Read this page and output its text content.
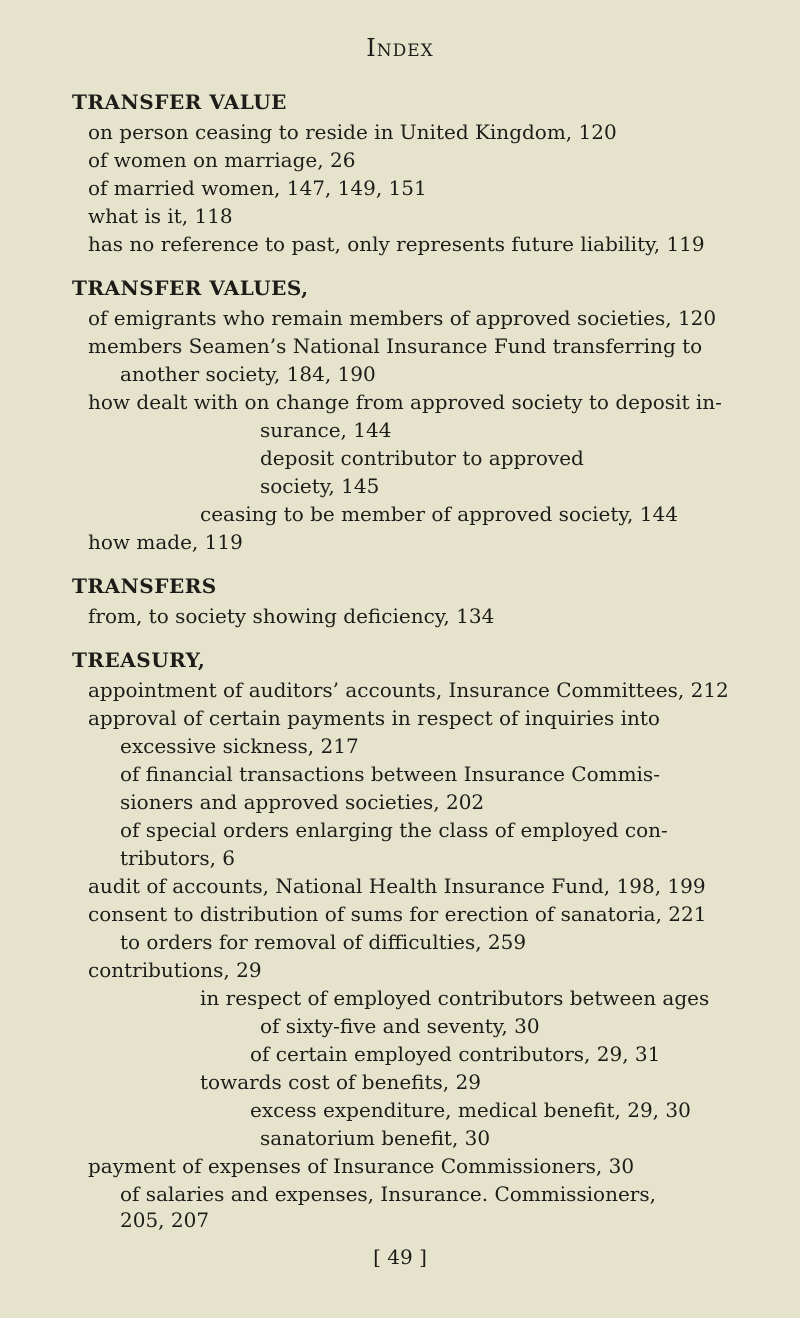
Index
TRANSFER VALUE
on person ceasing to reside in United Kingdom, 120
of women on marriage, 26
of married women, 147, 149, 151
what is it, 118
has no reference to past, only represents future liability, 119
TRANSFER VALUES,
of emigrants who remain members of approved societies, 120
members Seamen’s National Insurance Fund transferring to
another society, 184, 190
how dealt with on change from approved society to deposit in-
surance, 144
deposit contributor to approved
society, 145
ceasing to be member of approved society, 144
how made, 119
TRANSFERS
from, to society showing deficiency, 134
TREASURY,
appointment of auditors’ accounts, Insurance Committees, 212
approval of certain payments in respect of inquiries into
excessive sickness, 217
of financial transactions between Insurance Commis-
sioners and approved societies, 202
of special orders enlarging the class of employed con-
tributors, 6
audit of accounts, National Health Insurance Fund, 198, 199
consent to distribution of sums for erection of sanatoria, 221
to orders for removal of difficulties, 259
contributions, 29
in respect of employed contributors between ages
of sixty-five and seventy, 30
of certain employed contributors, 29, 31
towards cost of benefits, 29
excess expenditure, medical benefit, 29, 30
sanatorium benefit, 30
payment of expenses of Insurance Commissioners, 30
of salaries and expenses, Insurance. Commissioners,
205, 207
[ 49 ]
